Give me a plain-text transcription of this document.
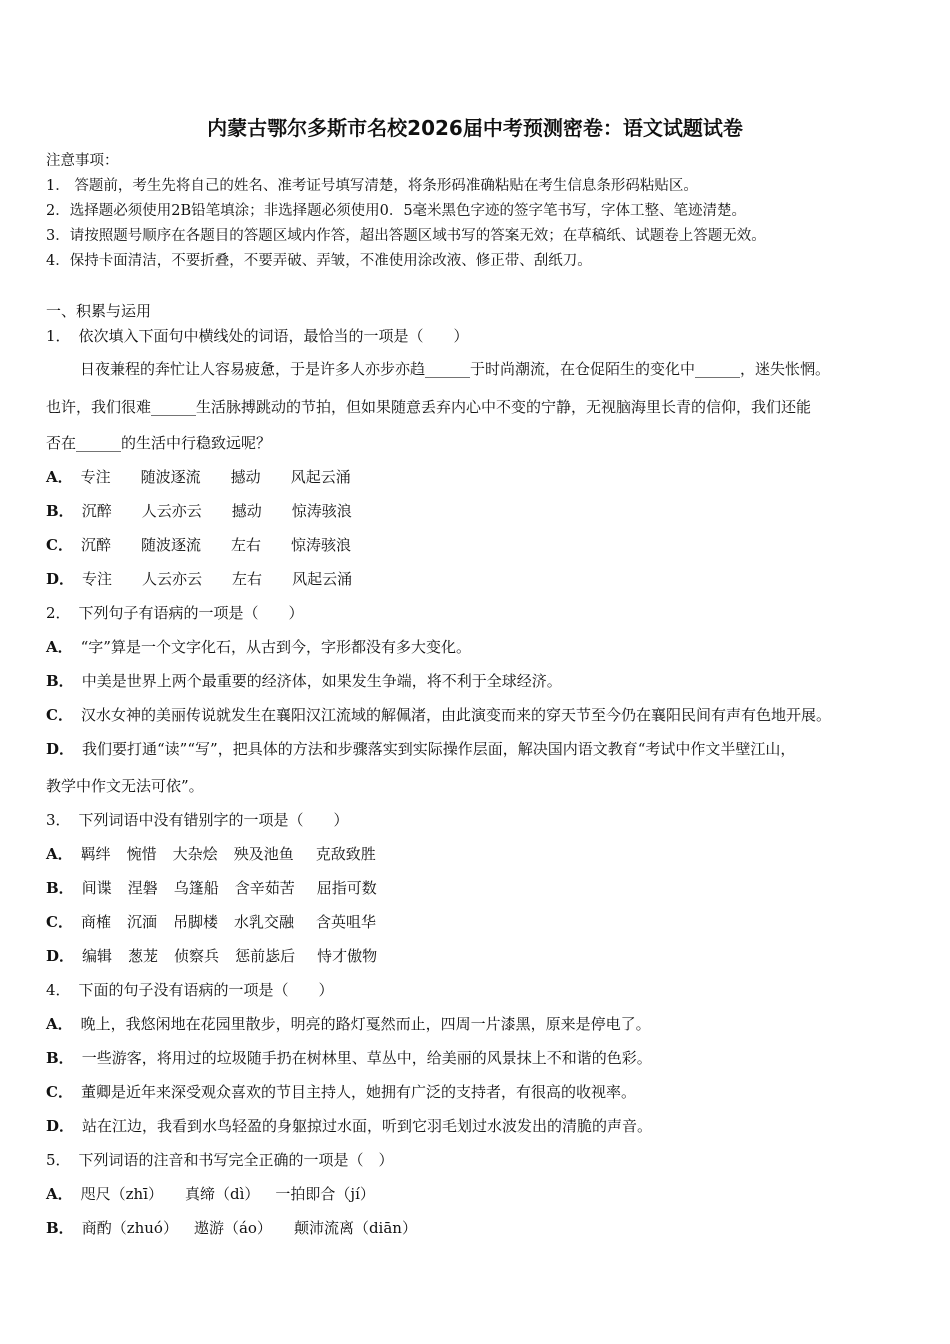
内蒙古鄂尔多斯市名校2026届中考预测密卷：语文试题试卷
注意事项：
1． 答题前，考生先将自己的姓名、准考证号填写清楚，将条形码准确粘贴在考生信息条形码粘贴区。
2．选择题必须使用2B铅笔填涂；非选择题必须使用0．5毫米黑色字迹的签字笔书写，字体工整、笔迹清楚。
3．请按照题号顺序在各题目的答题区域内作答，超出答题区域书写的答案无效；在草稿纸、试题卷上答题无效。
4．保持卡面清洁，不要折叠，不要弄破、弄皱，不准使用涂改液、修正带、刮纸刀。
一、积累与运用
1． 依次填入下面句中横线处的词语，最恰当的一项是（　　）
日夜兼程的奔忙让人容易疲惫，于是许多人亦步亦趋______于时尚潮流，在仓促陌生的变化中______，迷失怅惘。
也许，我们很难______生活脉搏跳动的节拍，但如果随意丢弃内心中不变的宁静，无视脑海里长青的信仰，我们还能
否在______的生活中行稳致远呢？
A． 专注 随波逐流 撼动 风起云涌
B． 沉醉 人云亦云 撼动 惊涛骇浪
C． 沉醉 随波逐流 左右 惊涛骇浪
D． 专注 人云亦云 左右 风起云涌
2． 下列句子有语病的一项是（　　）
A． “字”算是一个文字化石，从古到今，字形都没有多大变化。
B． 中美是世界上两个最重要的经济体，如果发生争端，将不利于全球经济。
C． 汉水女神的美丽传说就发生在襄阳汉江流域的解佩渚，由此演变而来的穿天节至今仍在襄阳民间有声有色地开展。
D． 我们要打通“读”“写”，把具体的方法和步骤落实到实际操作层面，解决国内语文教育“考试中作文半壁江山，
教学中作文无法可依”。
3． 下列词语中没有错别字的一项是（　　）
A． 羁绊 惋惜 大杂烩 殃及池鱼 克敌致胜
B． 间谍 涅磐 乌篷船 含辛茹苦 屈指可数
C． 商榷 沉湎 吊脚楼 水乳交融 含英咀华
D． 编辑 葱茏 侦察兵 惩前毖后 恃才傲物
4． 下面的句子没有语病的一项是（　　）
A． 晚上，我悠闲地在花园里散步，明亮的路灯戛然而止，四周一片漆黑，原来是停电了。
B． 一些游客，将用过的垃圾随手扔在树林里、草丛中，给美丽的风景抹上不和谐的色彩。
C． 董卿是近年来深受观众喜欢的节目主持人，她拥有广泛的支持者，有很高的收视率。
D． 站在江边，我看到水鸟轻盈的身躯掠过水面，听到它羽毛划过水波发出的清脆的声音。
5． 下列词语的注音和书写完全正确的一项是（　）
A． 咫尺（zhī） 真缔（dì） 一拍即合（jí）
B． 商酌（zhuó） 遨游（áo） 颠沛流离（diān）
